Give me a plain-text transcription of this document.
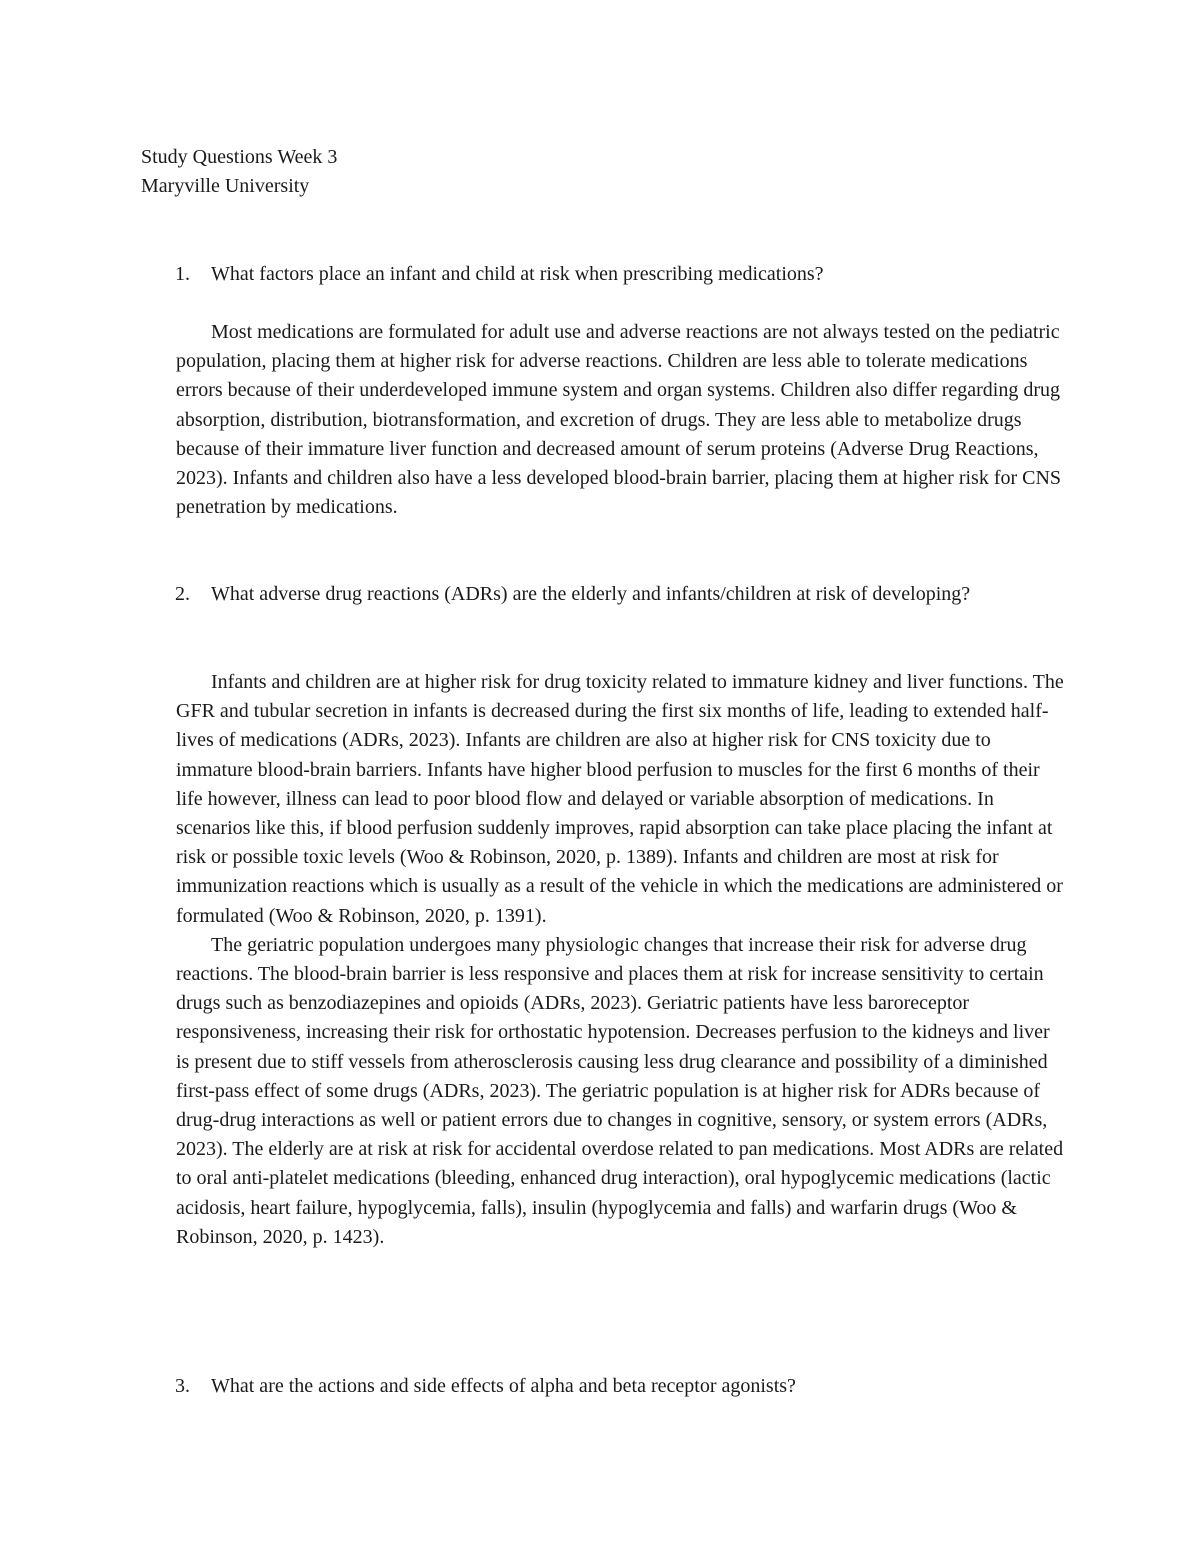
Study Questions Week 3
Maryville University
1. What factors place an infant and child at risk when prescribing medications?

Most medications are formulated for adult use and adverse reactions are not always tested on the pediatric population, placing them at higher risk for adverse reactions. Children are less able to tolerate medications errors because of their underdeveloped immune system and organ systems. Children also differ regarding drug absorption, distribution, biotransformation, and excretion of drugs. They are less able to metabolize drugs because of their immature liver function and decreased amount of serum proteins (Adverse Drug Reactions, 2023). Infants and children also have a less developed blood-brain barrier, placing them at higher risk for CNS penetration by medications.

2. What adverse drug reactions (ADRs) are the elderly and infants/children at risk of developing?

Infants and children are at higher risk for drug toxicity related to immature kidney and liver functions. The GFR and tubular secretion in infants is decreased during the first six months of life, leading to extended half-lives of medications (ADRs, 2023). Infants are children are also at higher risk for CNS toxicity due to immature blood-brain barriers. Infants have higher blood perfusion to muscles for the first 6 months of their life however, illness can lead to poor blood flow and delayed or variable absorption of medications. In scenarios like this, if blood perfusion suddenly improves, rapid absorption can take place placing the infant at risk or possible toxic levels (Woo & Robinson, 2020, p. 1389). Infants and children are most at risk for immunization reactions which is usually as a result of the vehicle in which the medications are administered or formulated (Woo & Robinson, 2020, p. 1391).

The geriatric population undergoes many physiologic changes that increase their risk for adverse drug reactions. The blood-brain barrier is less responsive and places them at risk for increase sensitivity to certain drugs such as benzodiazepines and opioids (ADRs, 2023). Geriatric patients have less baroreceptor responsiveness, increasing their risk for orthostatic hypotension. Decreases perfusion to the kidneys and liver is present due to stiff vessels from atherosclerosis causing less drug clearance and possibility of a diminished first-pass effect of some drugs (ADRs, 2023). The geriatric population is at higher risk for ADRs because of drug-drug interactions as well or patient errors due to changes in cognitive, sensory, or system errors (ADRs, 2023). The elderly are at risk at risk for accidental overdose related to pan medications. Most ADRs are related to oral anti-platelet medications (bleeding, enhanced drug interaction), oral hypoglycemic medications (lactic acidosis, heart failure, hypoglycemia, falls), insulin (hypoglycemia and falls) and warfarin drugs (Woo & Robinson, 2020, p. 1423).

3. What are the actions and side effects of alpha and beta receptor agonists?
